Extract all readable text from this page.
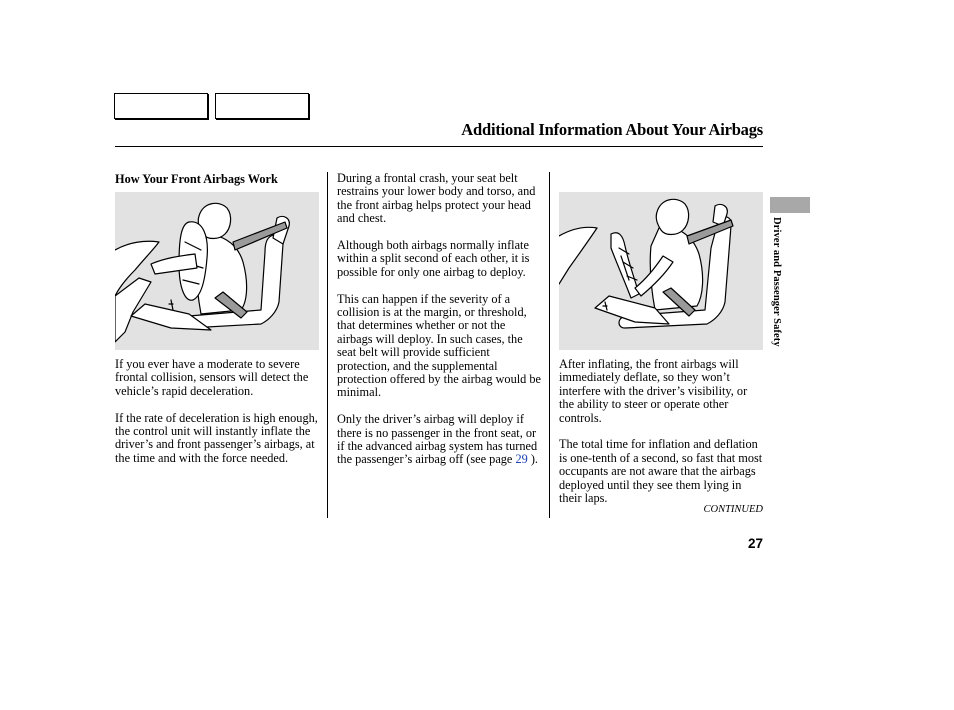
Additional Information About Your Airbags
Driver and Passenger Safety
How Your Front Airbags Work

If you ever have a moderate to severe frontal collision, sensors will detect the vehicle’s rapid deceleration.

If the rate of deceleration is high enough, the control unit will instantly inflate the driver’s and front passenger’s airbags, at the time and with the force needed.

During a frontal crash, your seat belt restrains your lower body and torso, and the front airbag helps protect your head and chest.

Although both airbags normally inflate within a split second of each other, it is possible for only one airbag to deploy.

This can happen if the severity of a collision is at the margin, or threshold, that determines whether or not the airbags will deploy. In such cases, the seat belt will provide sufficient protection, and the supplemental protection offered by the airbag would be minimal.

Only the driver’s airbag will deploy if there is no passenger in the front seat, or if the advanced airbag system has turned the passenger’s airbag off (see page 29 ).

After inflating, the front airbags will immediately deflate, so they won’t interfere with the driver’s visibility, or the ability to steer or operate other controls.

The total time for inflation and deflation is one-tenth of a second, so fast that most occupants are not aware that the airbags deployed until they see them lying in their laps.

CONTINUED
27
